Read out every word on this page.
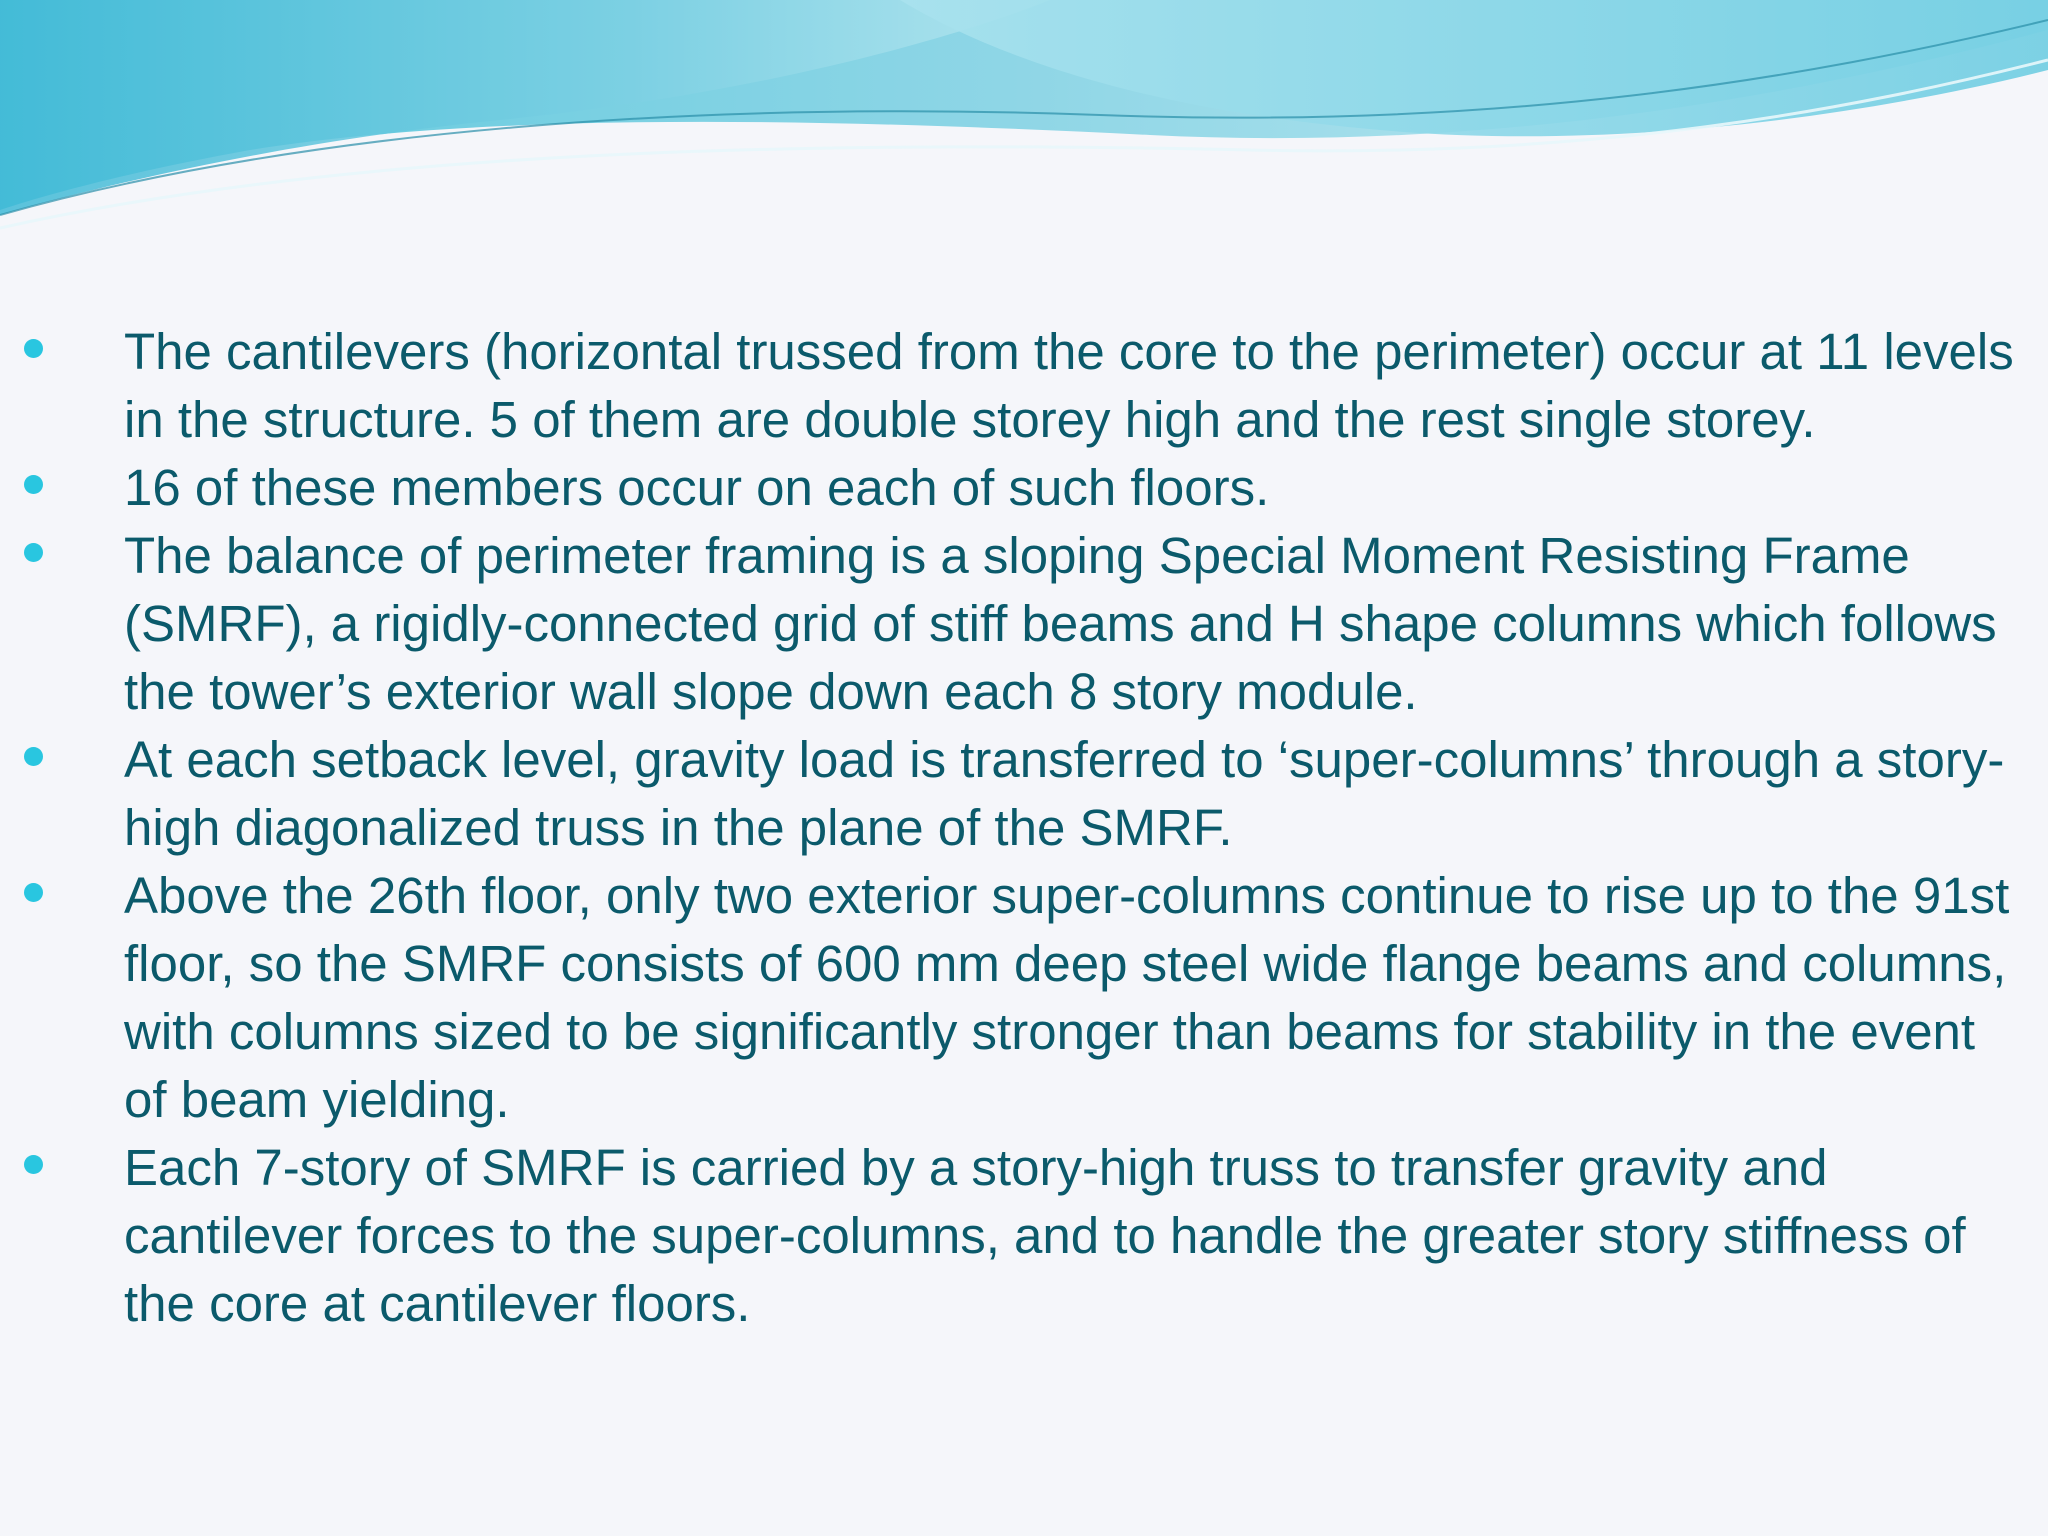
The cantilevers (horizontal trussed from the core to the perimeter) occur at 11 levels in the structure. 5 of them are double storey high and the rest single storey.
16 of these members occur on each of such floors.
The balance of perimeter framing is a sloping Special Moment Resisting Frame (SMRF), a rigidly-connected grid of stiff beams and H shape columns which follows the tower’s exterior wall slope down each 8 story module.
At each setback level, gravity load is transferred to ‘super-columns’ through a story-high diagonalized truss in the plane of the SMRF.
Above the 26th floor, only two exterior super-columns continue to rise up to the 91st floor, so the SMRF consists of 600 mm deep steel wide flange beams and columns, with columns sized to be significantly stronger than beams for stability in the event of beam yielding.
Each 7-story of SMRF is carried by a story-high truss to transfer gravity and cantilever forces to the super-columns, and to handle the greater story stiffness of the core at cantilever floors.
